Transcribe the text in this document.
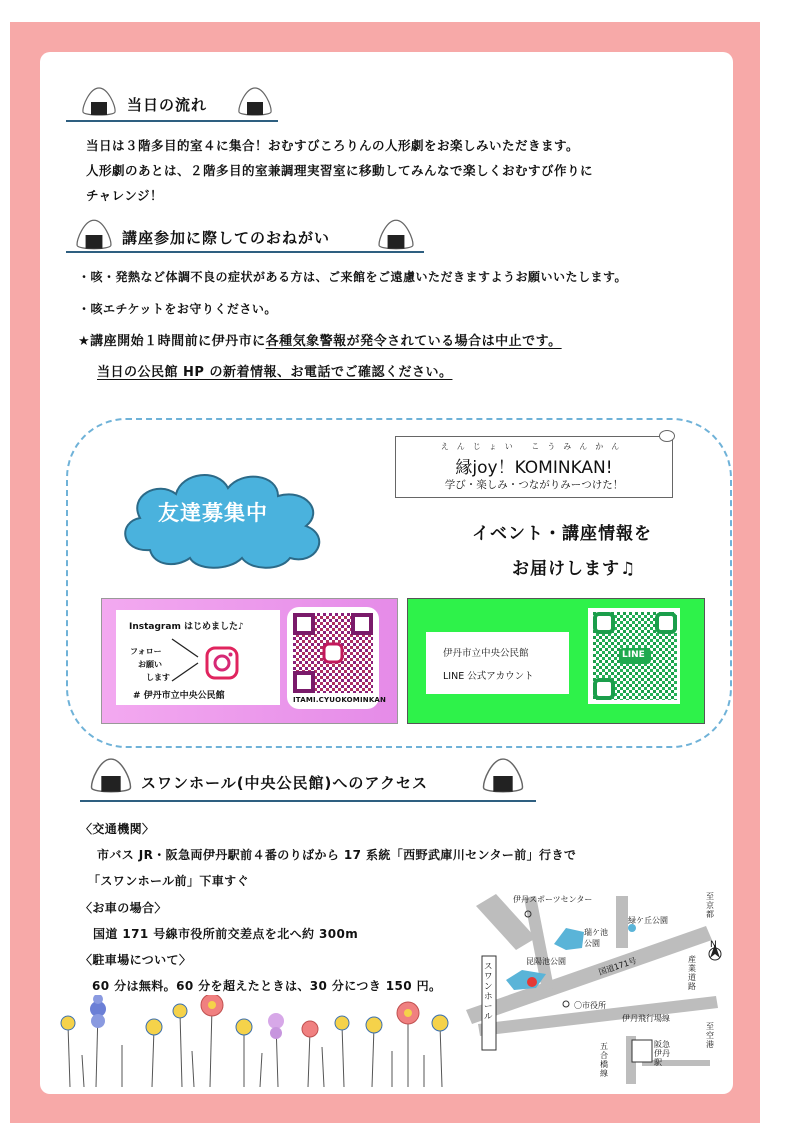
当日の流れ
当日は３階多目的室４に集合！おむすびころりんの人形劇をお楽しみいただきます。
人形劇のあとは、２階多目的室兼調理実習室に移動してみんなで楽しくおむすび作りに
チャレンジ！
講座参加に際してのおねがい
・咳・発熱など体調不良の症状がある方は、ご来館をご遠慮いただきますようお願いいたします。
・咳エチケットをお守りください。
★講座開始１時間前に伊丹市に各種気象警報が発令されている場合は中止です。
当日の公民館 HP の新着情報、お電話でご確認ください。
友達募集中
えんじょい こうみんかん
縁joy！KOMINKAN!
学び・楽しみ・つながりみーつけた！
イベント・講座情報を
お届けします♫
Instagram はじめました♪
フォロー
お願い
します
# 伊丹市立中央公民館	ITAMI.CYUOKOMINKAN
伊丹市立中央公民館
LINE 公式アカウント
LINE
スワンホール(中央公民館)へのアクセス
〈交通機関〉
市バス JR・阪急両伊丹駅前４番のりばから 17 系統「西野武庫川センター前」行きで
「スワンホール前」下車すぐ
〈お車の場合〉
国道 171 号線市役所前交差点を北へ約 300m
〈駐車場について〉
60 分は無料。60 分を超えたときは、30 分につき 150 円。
伊丹スポーツセンター
緑ケ丘公園
瑞ケ池
公園
昆陽池公園	国道171号
スワンホール
〇市役所
伊丹飛行場線
産業道路
至京都
至空港
五合橋線
阪急伊丹駅
N
